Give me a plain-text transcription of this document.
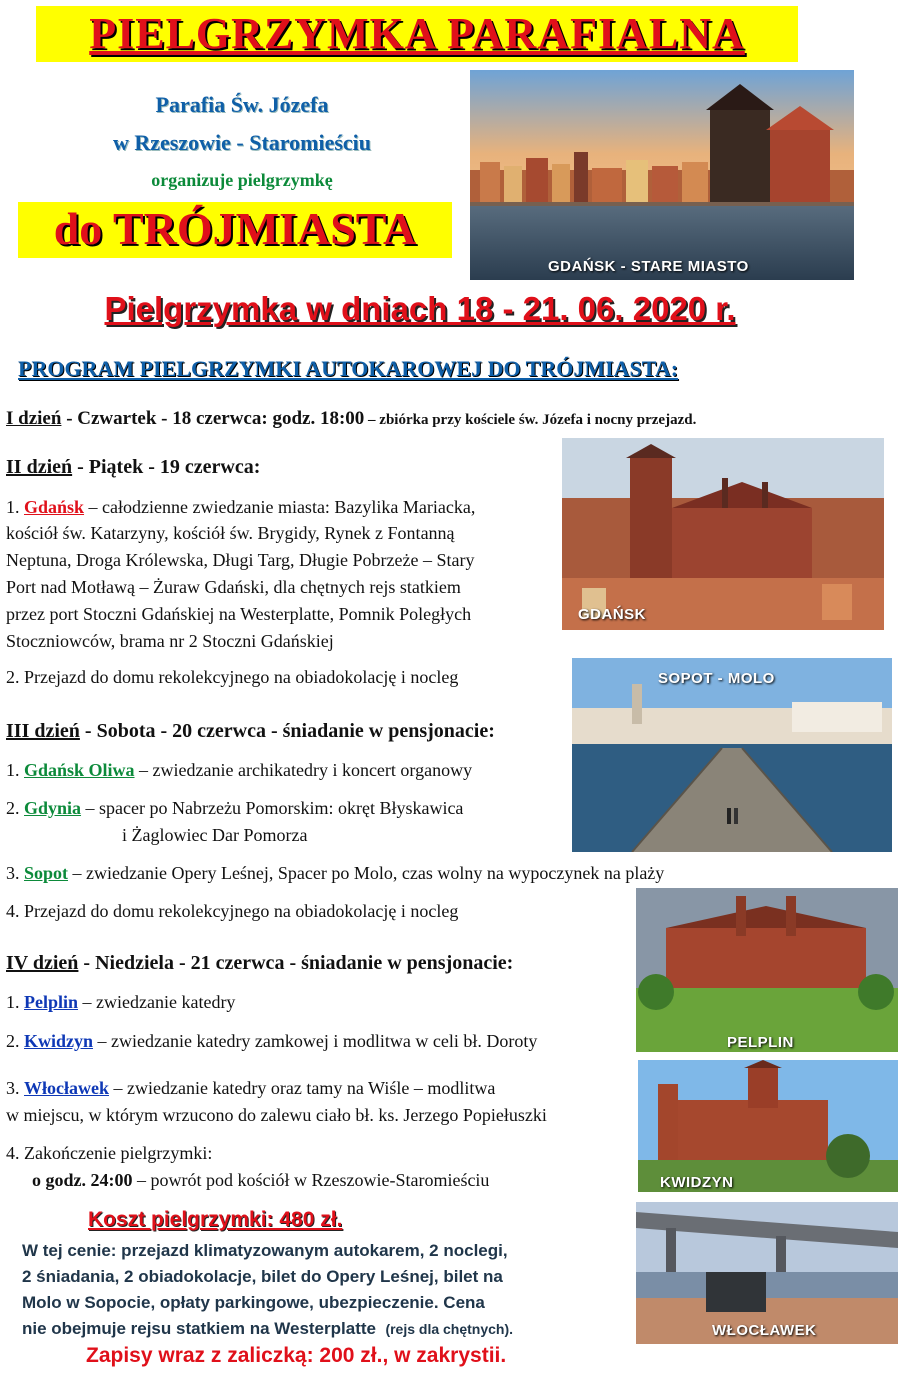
PIELGRZYMKA PARAFIALNA
Parafia Św. Józefa
w Rzeszowie - Staromieściu
organizuje pielgrzymkę
do TRÓJMIASTA
GDAŃSK - STARE MIASTO
Pielgrzymka w dniach 18 - 21. 06. 2020 r.
PROGRAM PIELGRZYMKI AUTOKAROWEJ DO TRÓJMIASTA:
I dzień - Czwartek - 18 czerwca: godz. 18:00 – zbiórka przy kościele św. Józefa i nocny przejazd.
II dzień - Piątek - 19 czerwca:
1. Gdańsk – całodzienne zwiedzanie miasta: Bazylika Mariacka,
kościół św. Katarzyny, kościół św. Brygidy, Rynek z Fontanną
Neptuna, Droga Królewska, Długi Targ, Długie Pobrzeże – Stary
Port nad Motławą – Żuraw Gdański, dla chętnych rejs statkiem
przez port Stoczni Gdańskiej na Westerplatte, Pomnik Poległych
Stoczniowców, brama nr 2 Stoczni Gdańskiej
2. Przejazd do domu rekolekcyjnego na obiadokolację i nocleg
GDAŃSK
SOPOT - MOLO
III dzień - Sobota - 20 czerwca - śniadanie w pensjonacie:
1. Gdańsk Oliwa – zwiedzanie archikatedry i koncert organowy
2. Gdynia – spacer po Nabrzeżu Pomorskim: okręt Błyskawica
i Żaglowiec Dar Pomorza
3. Sopot – zwiedzanie Opery Leśnej, Spacer po Molo, czas wolny na wypoczynek na plaży
4. Przejazd do domu rekolekcyjnego na obiadokolację i nocleg
PELPLIN
IV dzień - Niedziela - 21 czerwca - śniadanie w pensjonacie:
1. Pelplin – zwiedzanie katedry
2. Kwidzyn – zwiedzanie katedry zamkowej i modlitwa w celi bł. Doroty
3. Włocławek – zwiedzanie katedry oraz tamy na Wiśle – modlitwa
w miejscu, w którym wrzucono do zalewu ciało bł. ks. Jerzego Popiełuszki
4. Zakończenie pielgrzymki:
o godz. 24:00 – powrót pod kościół w Rzeszowie-Staromieściu	KWIDZYN
WŁOCŁAWEK
Koszt pielgrzymki: 480 zł.
W tej cenie: przejazd klimatyzowanym autokarem, 2 noclegi,
2 śniadania, 2 obiadokolacje, bilet do Opery Leśnej, bilet na
Molo w Sopocie, opłaty parkingowe, ubezpieczenie. Cena
nie obejmuje rejsu statkiem na Westerplatte (rejs dla chętnych).
Zapisy wraz z zaliczką: 200 zł., w zakrystii.
